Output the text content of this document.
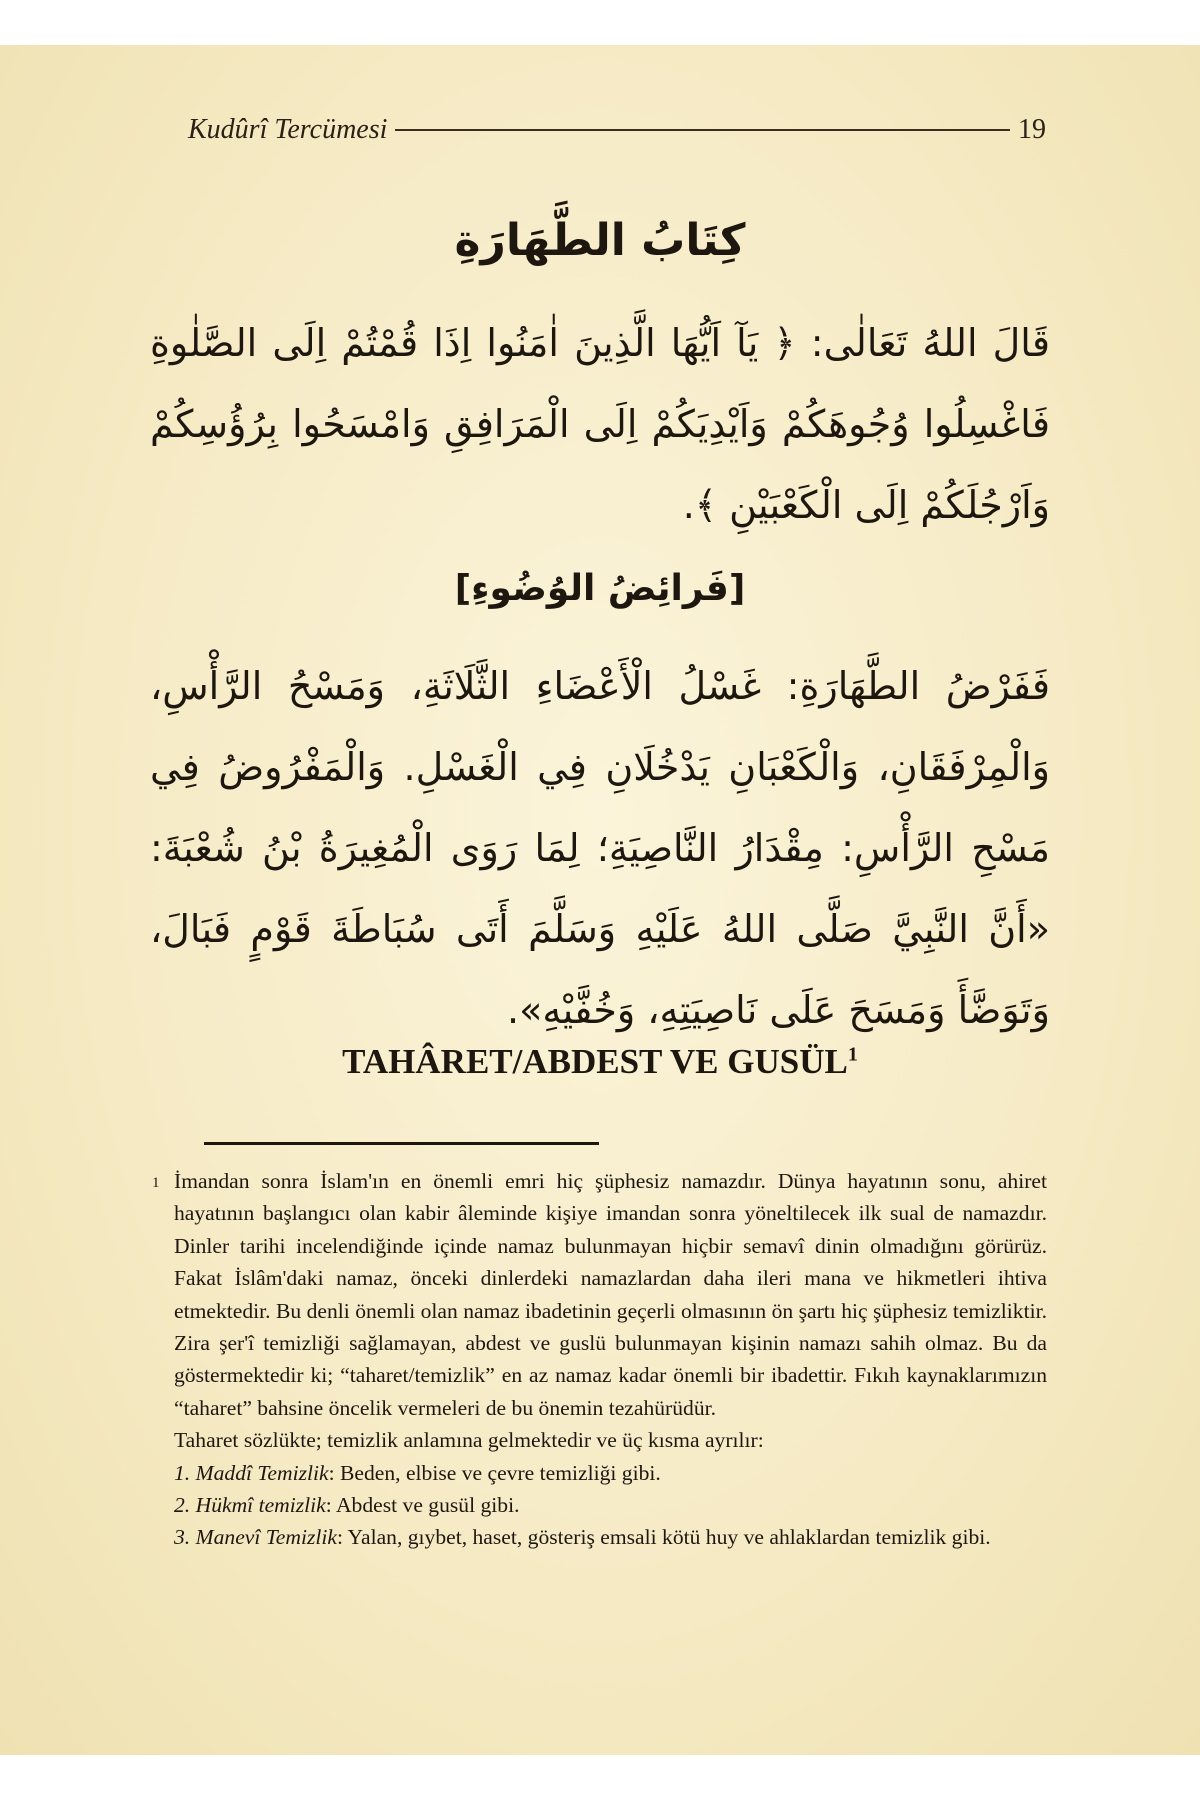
Kudûrî Tercümesi	19
كِتَابُ الطَّهَارَةِ
قَالَ اللهُ تَعَالٰى: ﴿ يَآ اَيُّهَا الَّذِينَ اٰمَنُوا اِذَا قُمْتُمْ اِلَى الصَّلٰوةِ فَاغْسِلُوا وُجُوهَكُمْ وَاَيْدِيَكُمْ اِلَى الْمَرَافِقِ وَامْسَحُوا بِرُؤُسِكُمْ وَاَرْجُلَكُمْ اِلَى الْكَعْبَيْنِ ﴾.
[فَرائِضُ الوُضُوءِ]
فَفَرْضُ الطَّهَارَةِ: غَسْلُ الْأَعْضَاءِ الثَّلَاثَةِ، وَمَسْحُ الرَّأْسِ، وَالْمِرْفَقَانِ، وَالْكَعْبَانِ يَدْخُلَانِ فِي الْغَسْلِ. وَالْمَفْرُوضُ فِي مَسْحِ الرَّأْسِ: مِقْدَارُ النَّاصِيَةِ؛ لِمَا رَوَى الْمُغِيرَةُ بْنُ شُعْبَةَ: «أَنَّ النَّبِيَّ صَلَّى اللهُ عَلَيْهِ وَسَلَّمَ أَتَى سُبَاطَةَ قَوْمٍ فَبَالَ، وَتَوَضَّأَ وَمَسَحَ عَلَى نَاصِيَتِهِ، وَخُفَّيْهِ».
TAHÂRET/ABDEST VE GUSÜL$^1$
1 İmandan sonra İslam'ın en önemli emri hiç şüphesiz namazdır. Dünya hayatının sonu, ahiret hayatının başlangıcı olan kabir âleminde kişiye imandan sonra yöneltilecek ilk sual de namazdır. Dinler tarihi incelendiğinde içinde namaz bulunmayan hiçbir semavî dinin olmadığını görürüz. Fakat İslâm'daki namaz, önceki dinlerdeki namazlardan daha ileri mana ve hikmetleri ihtiva etmektedir. Bu denli önemli olan namaz ibadetinin geçerli olmasının ön şartı hiç şüphesiz temizliktir. Zira şer'î temizliği sağlamayan, abdest ve guslü bulunmayan kişinin namazı sahih olmaz. Bu da göstermektedir ki; “taharet/temizlik” en az namaz kadar önemli bir ibadettir. Fıkıh kaynaklarımızın “taharet” bahsine öncelik vermeleri de bu önemin tezahürüdür.

Taharet sözlükte; temizlik anlamına gelmektedir ve üç kısma ayrılır:

1. Maddî Temizlik: Beden, elbise ve çevre temizliği gibi.

2. Hükmî temizlik: Abdest ve gusül gibi.

3. Manevî Temizlik: Yalan, gıybet, haset, gösteriş emsali kötü huy ve ahlaklardan temizlik gibi.
